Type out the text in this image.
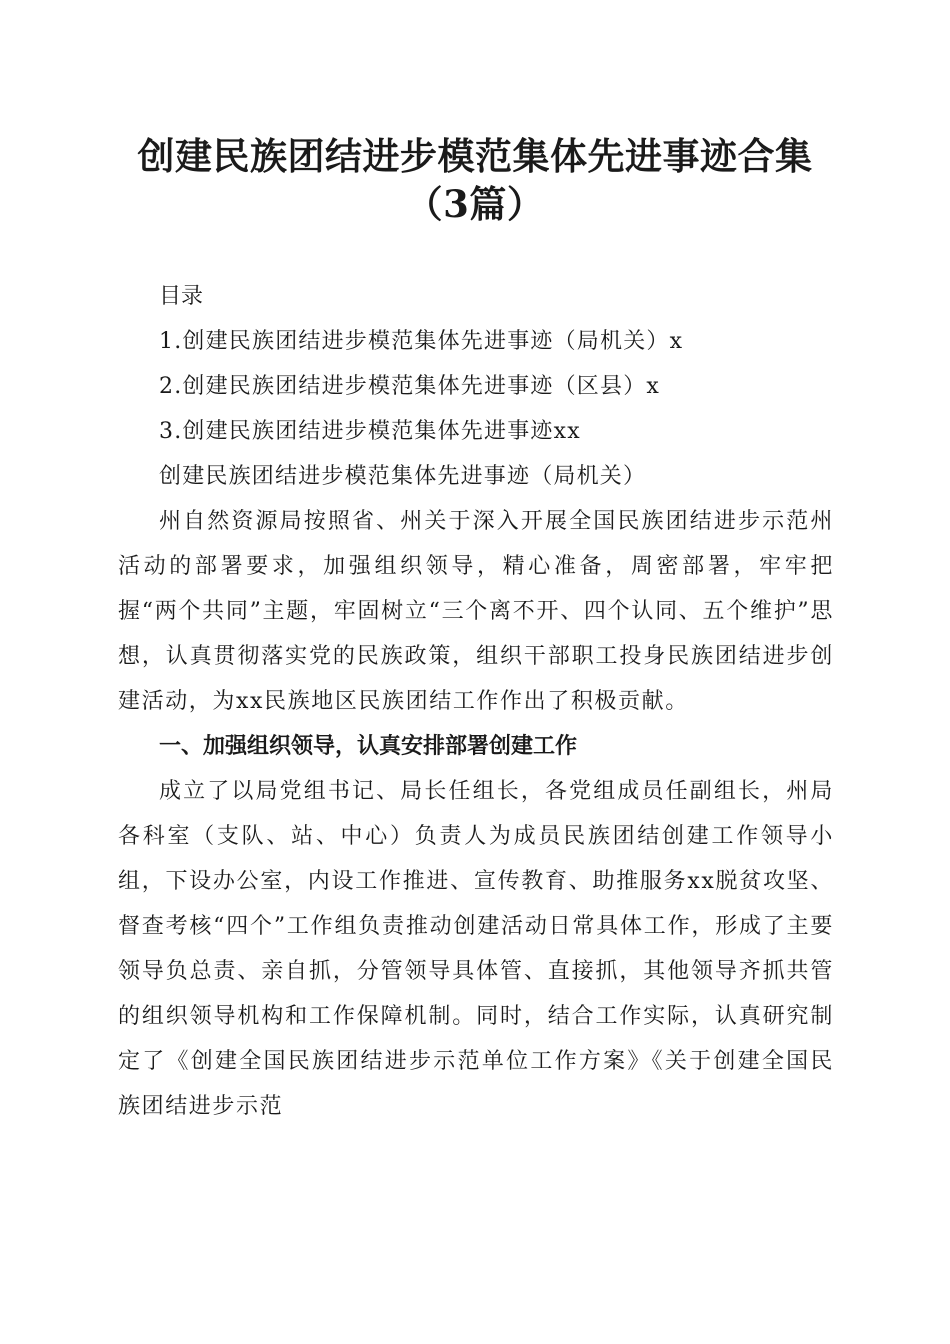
创建民族团结进步模范集体先进事迹合集（3篇）

目录

1.创建民族团结进步模范集体先进事迹（局机关）x

2.创建民族团结进步模范集体先进事迹（区县）x

3.创建民族团结进步模范集体先进事迹xx

创建民族团结进步模范集体先进事迹（局机关）

州自然资源局按照省、州关于深入开展全国民族团结进步示范州活动的部署要求，加强组织领导，精心准备，周密部署，牢牢把握“两个共同”主题，牢固树立“三个离不开、四个认同、五个维护”思想，认真贯彻落实党的民族政策，组织干部职工投身民族团结进步创建活动，为xx民族地区民族团结工作作出了积极贡献。

一、加强组织领导，认真安排部署创建工作

成立了以局党组书记、局长任组长，各党组成员任副组长，州局各科室（支队、站、中心）负责人为成员民族团结创建工作领导小组，下设办公室，内设工作推进、宣传教育、助推服务xx脱贫攻坚、督查考核“四个”工作组负责推动创建活动日常具体工作，形成了主要领导负总责、亲自抓，分管领导具体管、直接抓，其他领导齐抓共管的组织领导机构和工作保障机制。同时，结合工作实际，认真研究制定了《创建全国民族团结进步示范单位工作方案》《关于创建全国民族团结进步示范
